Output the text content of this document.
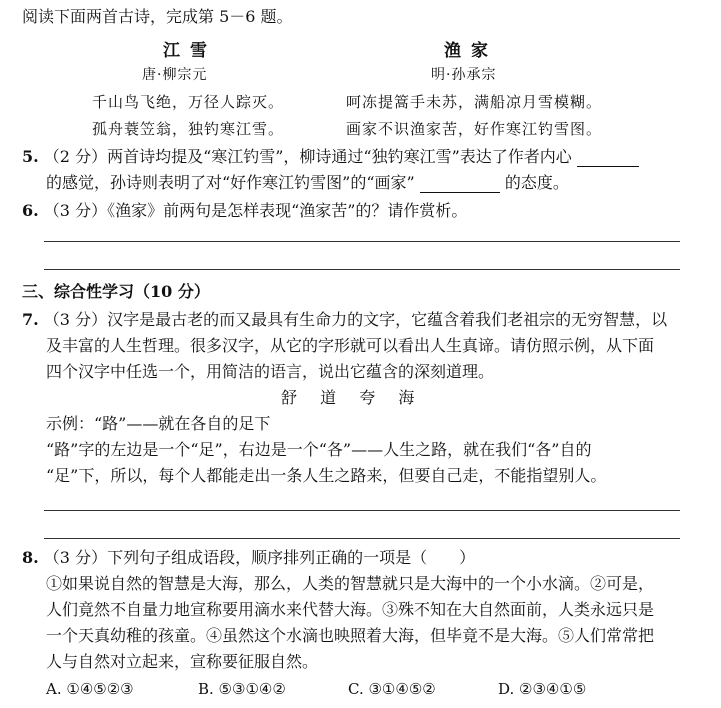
阅读下面两首古诗，完成第 5－6 题。
江雪
唐·柳宗元
千山鸟飞绝，万径人踪灭。
孤舟蓑笠翁，独钓寒江雪。
渔家
明·孙承宗
呵冻提篙手未苏，满船凉月雪模糊。
画家不识渔家苦，好作寒江钓雪图。
5. （2 分）两首诗均提及“寒江钓雪”，柳诗通过“独钓寒江雪”表达了作者内心
的感觉，孙诗则表明了对“好作寒江钓雪图”的“画家”	的态度。
6. （3 分）《渔家》前两句是怎样表现“渔家苦”的？请作赏析。
三、综合性学习（10 分）
7. （3 分）汉字是最古老的而又最具有生命力的文字，它蕴含着我们老祖宗的无穷智慧，以
及丰富的人生哲理。很多汉字，从它的字形就可以看出人生真谛。请仿照示例，从下面
四个汉字中任选一个，用简洁的语言，说出它蕴含的深刻道理。
舒 道 夸 海
示例：“路”——就在各自的足下
“路”字的左边是一个“足”，右边是一个“各”——人生之路，就在我们“各”自的
“足”下，所以，每个人都能走出一条人生之路来，但要自己走，不能指望别人。
8. （3 分）下列句子组成语段，顺序排列正确的一项是（　　）
①如果说自然的智慧是大海，那么，人类的智慧就只是大海中的一个小水滴。②可是，
人们竟然不自量力地宣称要用滴水来代替大海。③殊不知在大自然面前，人类永远只是
一个天真幼稚的孩童。④虽然这个水滴也映照着大海，但毕竟不是大海。⑤人们常常把
人与自然对立起来，宣称要征服自然。
A. ①④⑤②③	B. ⑤③①④②	C. ③①④⑤②	D. ②③④①⑤
